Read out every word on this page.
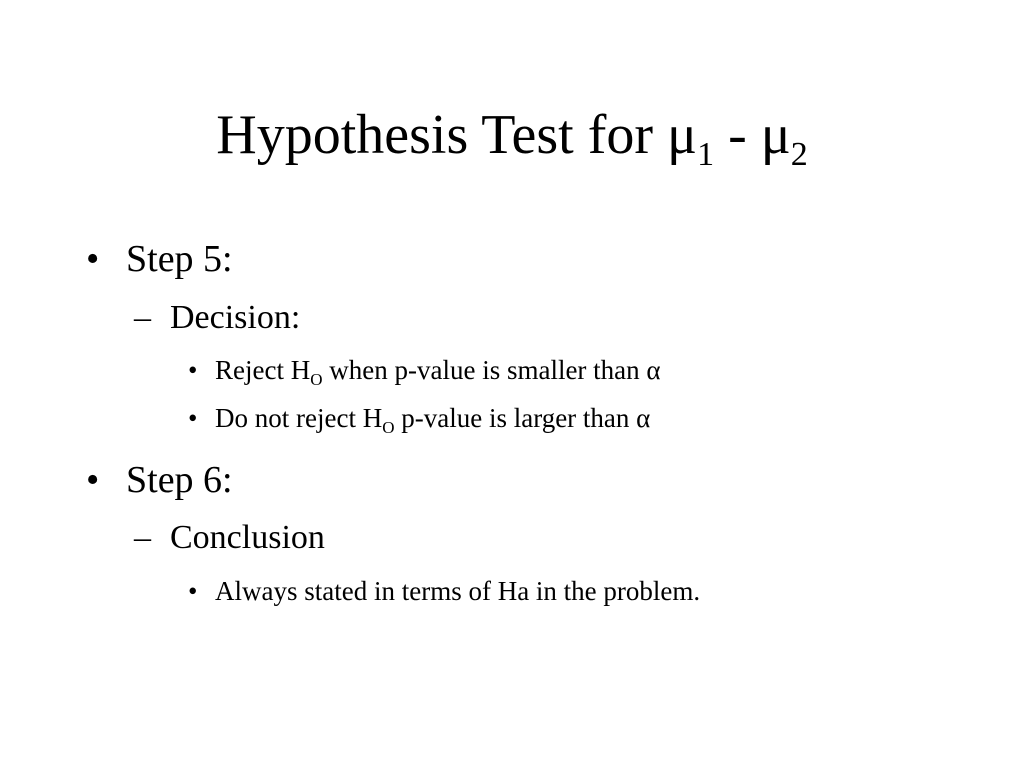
Hypothesis Test for $\mu_1 - \mu_2$
• Step 5:
– Decision:
• Reject $H_O$ when p-value is smaller than α
• Do not reject $H_O$ p-value is larger than α
• Step 6:
– Conclusion
• Always stated in terms of Ha in the problem.
